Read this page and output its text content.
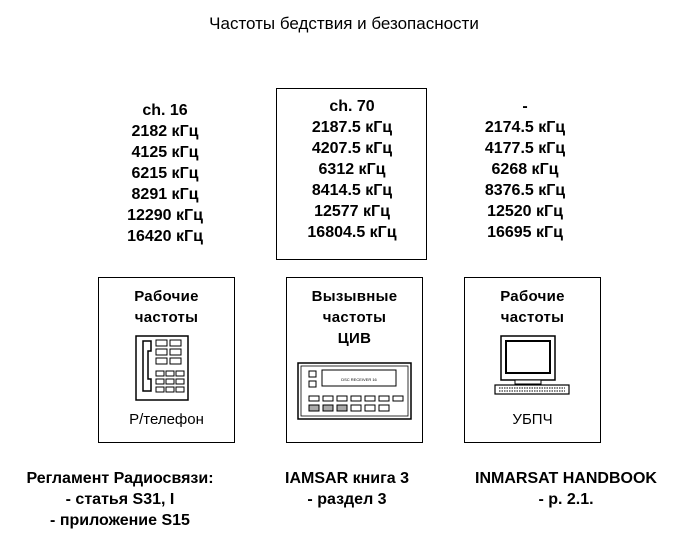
Частоты бедствия и безопасности
ch. 16
2182 кГц
4125 кГц
6215 кГц
8291 кГц
12290 кГц
16420 кГц
ch. 70
2187.5 кГц
4207.5 кГц
6312 кГц
8414.5 кГц
12577 кГц
16804.5 кГц
-
2174.5 кГц
4177.5 кГц
6268 кГц
8376.5 кГц
12520 кГц
16695 кГц
Рабочие
частоты
Р/телефон
Вызывные
частоты
ЦИВ
DSC RECEIVER 16
Рабочие
частоты
УБПЧ
Регламент Радиосвязи:
- статья S31, I
- приложение S15
IAMSAR книга 3
- раздел 3
INMARSAT HANDBOOK
- p. 2.1.
